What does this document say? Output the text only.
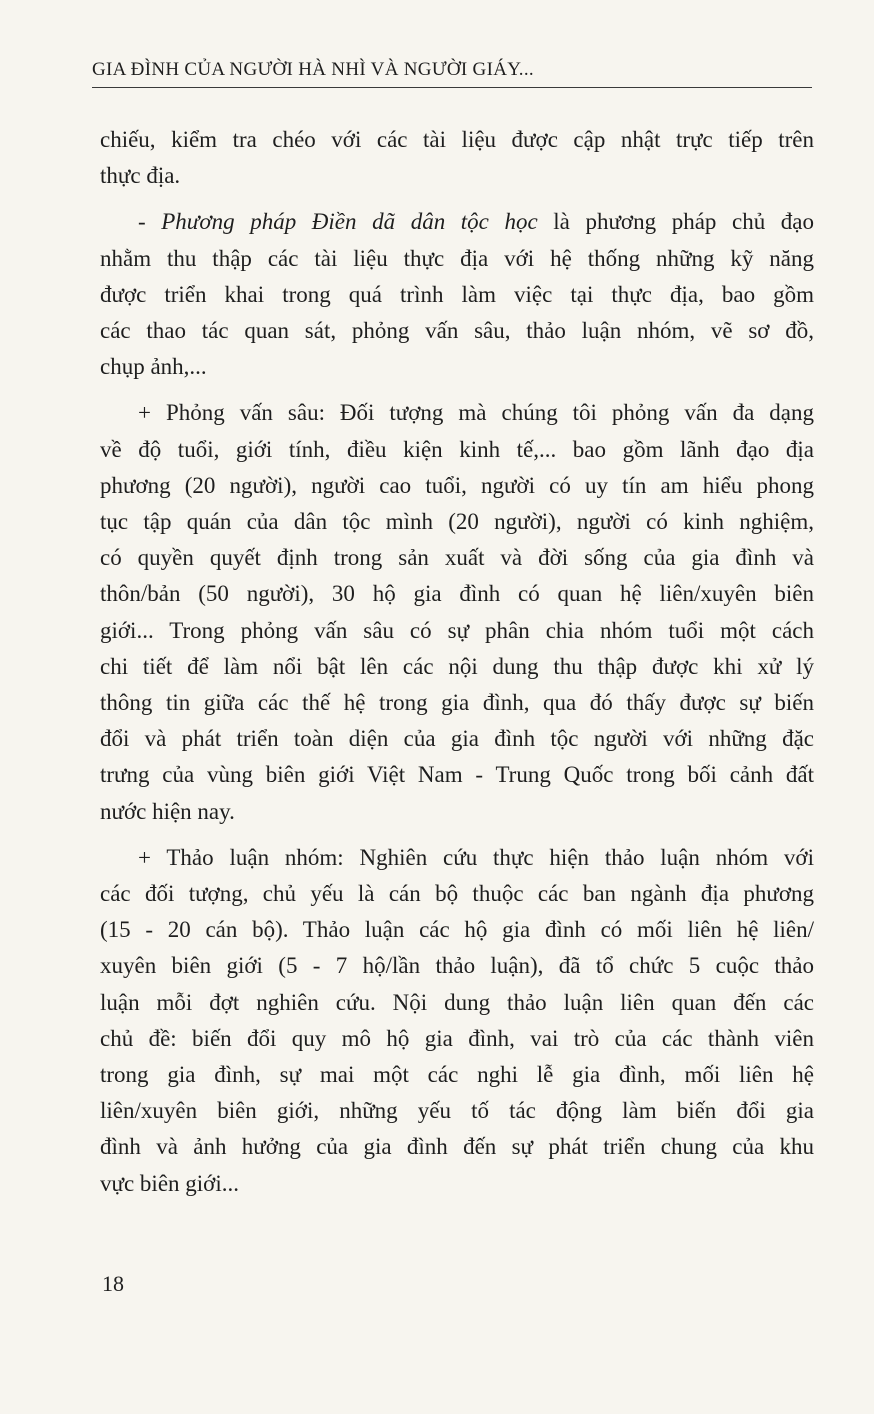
GIA ĐÌNH CỦA NGƯỜI HÀ NHÌ VÀ NGƯỜI GIÁY...
chiếu, kiểm tra chéo với các tài liệu được cập nhật trực tiếp trên
thực địa.
- Phương pháp Điền dã dân tộc học là phương pháp chủ đạo
nhằm thu thập các tài liệu thực địa với hệ thống những kỹ năng
được triển khai trong quá trình làm việc tại thực địa, bao gồm
các thao tác quan sát, phỏng vấn sâu, thảo luận nhóm, vẽ sơ đồ,
chụp ảnh,...
+ Phỏng vấn sâu: Đối tượng mà chúng tôi phỏng vấn đa dạng
về độ tuổi, giới tính, điều kiện kinh tế,... bao gồm lãnh đạo địa
phương (20 người), người cao tuổi, người có uy tín am hiểu phong
tục tập quán của dân tộc mình (20 người), người có kinh nghiệm,
có quyền quyết định trong sản xuất và đời sống của gia đình và
thôn/bản (50 người), 30 hộ gia đình có quan hệ liên/xuyên biên
giới... Trong phỏng vấn sâu có sự phân chia nhóm tuổi một cách
chi tiết để làm nổi bật lên các nội dung thu thập được khi xử lý
thông tin giữa các thế hệ trong gia đình, qua đó thấy được sự biến
đổi và phát triển toàn diện của gia đình tộc người với những đặc
trưng của vùng biên giới Việt Nam - Trung Quốc trong bối cảnh đất
nước hiện nay.
+ Thảo luận nhóm: Nghiên cứu thực hiện thảo luận nhóm với
các đối tượng, chủ yếu là cán bộ thuộc các ban ngành địa phương
(15 - 20 cán bộ). Thảo luận các hộ gia đình có mối liên hệ liên/
xuyên biên giới (5 - 7 hộ/lần thảo luận), đã tổ chức 5 cuộc thảo
luận mỗi đợt nghiên cứu. Nội dung thảo luận liên quan đến các
chủ đề: biến đổi quy mô hộ gia đình, vai trò của các thành viên
trong gia đình, sự mai một các nghi lễ gia đình, mối liên hệ
liên/xuyên biên giới, những yếu tố tác động làm biến đổi gia
đình và ảnh hưởng của gia đình đến sự phát triển chung của khu
vực biên giới...
18
